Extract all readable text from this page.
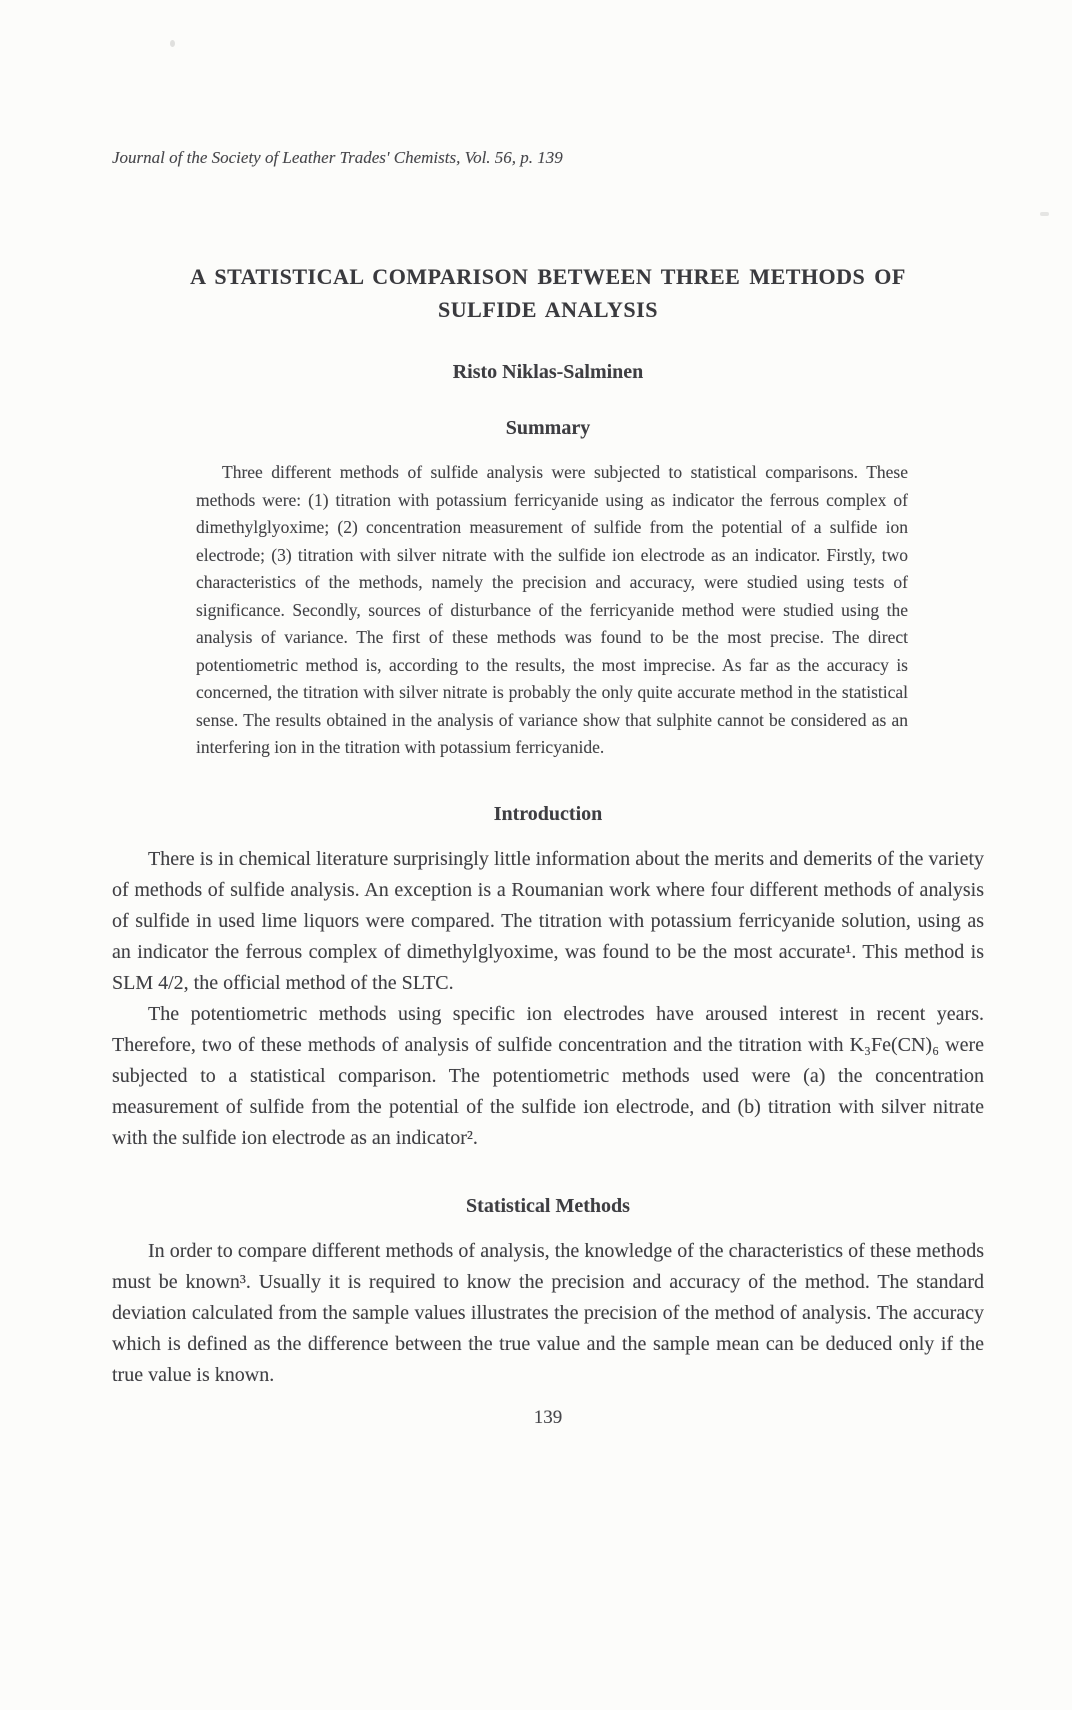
Journal of the Society of Leather Trades' Chemists, Vol. 56, p. 139
A STATISTICAL COMPARISON BETWEEN THREE METHODS OF SULFIDE ANALYSIS
Risto Niklas-Salminen
Summary
Three different methods of sulfide analysis were subjected to statistical comparisons. These methods were: (1) titration with potassium ferricyanide using as indicator the ferrous complex of dimethylglyoxime; (2) concentration measurement of sulfide from the potential of a sulfide ion electrode; (3) titration with silver nitrate with the sulfide ion electrode as an indicator. Firstly, two characteristics of the methods, namely the precision and accuracy, were studied using tests of significance. Secondly, sources of disturbance of the ferricyanide method were studied using the analysis of variance. The first of these methods was found to be the most precise. The direct potentiometric method is, according to the results, the most imprecise. As far as the accuracy is concerned, the titration with silver nitrate is probably the only quite accurate method in the statistical sense. The results obtained in the analysis of variance show that sulphite cannot be considered as an interfering ion in the titration with potassium ferricyanide.
Introduction
There is in chemical literature surprisingly little information about the merits and demerits of the variety of methods of sulfide analysis. An exception is a Roumanian work where four different methods of analysis of sulfide in used lime liquors were compared. The titration with potassium ferricyanide solution, using as an indicator the ferrous complex of dimethylglyoxime, was found to be the most accurate¹. This method is SLM 4/2, the official method of the SLTC.
The potentiometric methods using specific ion electrodes have aroused interest in recent years. Therefore, two of these methods of analysis of sulfide concentration and the titration with K₃Fe(CN)₆ were subjected to a statistical comparison. The potentiometric methods used were (a) the concentration measurement of sulfide from the potential of the sulfide ion electrode, and (b) titration with silver nitrate with the sulfide ion electrode as an indicator².
Statistical Methods
In order to compare different methods of analysis, the knowledge of the characteristics of these methods must be known³. Usually it is required to know the precision and accuracy of the method. The standard deviation calculated from the sample values illustrates the precision of the method of analysis. The accuracy which is defined as the difference between the true value and the sample mean can be deduced only if the true value is known.
139
